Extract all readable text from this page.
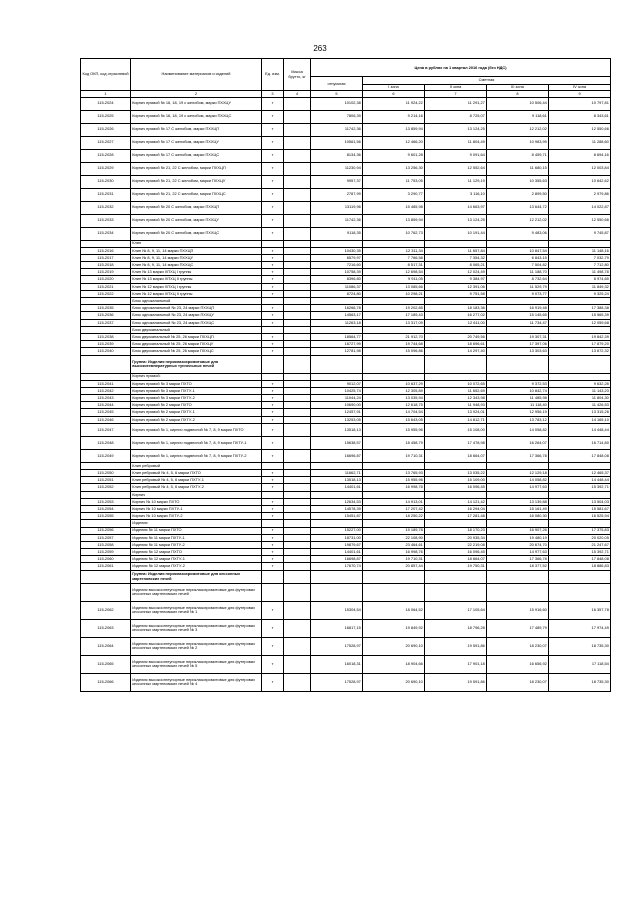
263
Код ОКП, код отраслевой	Наименование материалов и изделий	Ед. изм.	Масса брутто, кг	Цена в рублях на 1 квартал 2016 года (без НДС)				
				отпускная	Сметная			
					I зона	II зона	III зона	IV зона
1	2	3	4	5	6	7	8	9
115-2024	Кирпич прямой № 16, 18, 19 с желобом, марки ПХХЦУ	т		10102,38	11 924,22	11 291,27	10 506,44	10 797,81
115-2025	Кирпич прямой № 16, 18, 19 с желобом, марки ПХХЦС	т		7806,39	9 214,16	8 725,07	9 118,61	8 343,61
115-2026	Кирпич прямой № 17 С желобом, марки ПХХЦП	т		11742,36	13 859,94	13 124,25	12 212,02	12 550,66
115-2027	Кирпич прямой № 17 С желобом, марки ПХХЦУ	т		10561,56	12 466,20	11 804,49	10 983,99	11 288,60
115-2028	Кирпич прямой № 17 С желобом, марки ПХХЦС	т		8134,36	9 601,28	9 091,64	8 459,71	8 694,16
115-2029	Кирпич прямой № 21, 22 С желобом, марки ПХХЦП	т		11230,94	13 256,30	12 552,64	11 680,15	12 003,84
115-2030	Кирпич прямой № 21, 22 С желобом, марки ПХХЦУ	т		9957,37	11 753,05	11 129,19	10 355,63	10 642,62
115-2031	Кирпич прямой № 21, 22 С желобом, марки ПХХЦС	т		2787,99	3 290,77	3 116,10	2 899,50	2 979,86
115-2032	Кирпич прямой № 20 С желобом, марки ПХХЦП	т		13119,96	15 485,98	14 663,97	13 644,72	14 022,87
115-2033	Кирпич прямой № 20 С желобом, марки ПХХЦУ	т		11742,36	13 859,94	13 124,25	12 212,02	12 550,66
115-2034	Кирпич прямой № 20 С желобом, марки ПХХЦС	т		9118,35	10 762,73	10 191,44	9 483,06	9 745,87
	Клин							
115-2016	Клин № 8, 9, 11, 14 марки ПХХЦП	т		10430,35	12 311,34	11 657,84	10 847,54	11 148,16
115-2017	Клин № 8, 9, 11, 14 марки ПХХЦУ	т		6579,97	7 766,58	7 354,32	6 843,15	7 032,79
115-2018	Клин № 8, 9, 11, 14 марки ПХХЦС	т		7216,60	8 517,31	8 065,21	7 504,82	7 712,80
115-2019	Клин № 13 марки ХПХЦ I группы	т		10758,39	12 698,54	12 024,49	11 188,70	11 498,78
115-2020	Клин № 13 марки ХПХЦ II группы	т		8396,80	9 911,05	9 384,97	8 732,64	8 974,65
115-2021	Клин № 12 марки ХПХЦ I группы	т		11086,37	13 085,66	12 391,06	11 529,79	11 849,32
115-2022	Клин № 12 марки ХПХЦ II группы	т		8724,80	10 298,21	9 751,58	9 073,77	9 325,24
	Блок одноканальный							
115-2035	Блок одноканальный № 23, 24 марки ПХХЦП	т		16266,78	19 202,85	18 183,36	16 919,48	17 388,38
115-2036	Блок одноканальный № 23, 24 марки ПХХЦУ	т		14563,17	17 189,43	16 277,02	15 145,65	15 565,39
115-2037	Блок одноканальный № 23, 24 марки ПХХЦС	т		11263,18	13 317,09	12 611,00	11 734,47	12 059,68
	Блок двухканальный							
115-2038	Блок двухканальный № 25, 26 марки ПХХЦП	т		18564,77	21 912,70	20 749,56	19 307,31	19 842,39
115-2039	Блок двухканальный № 25, 26 марки ПХХЦУ	т		16727,99	19 744,68	18 696,61	17 397,06	17 879,20
115-2040	Блок двухканальный № 25, 26 марки ПХХЦС	т		12781,98	15 096,86	14 297,40	13 303,63	13 672,32
	Группа: Изделия периклазохромитовые для высокотемпературных туннельных печей							
	Кирпич прямой:							
115-2041	Кирпич прямой № 3 марки ПХТО	т		9012,07	10 637,29	10 072,65	9 372,53	9 632,28
115-2042	Кирпич прямой № 3 марки ПХТУ-1	т		10425,74	12 305,89	11 652,69	10 842,74	11 143,23
115-2043	Кирпич прямой № 3 марки ПХТУ-2	т		11044,24	13 035,94	12 343,98	11 485,98	11 804,30
115-2044	Кирпич прямой № 2 марки ПХТО	т		10690,00	12 618,75	11 948,93	11 118,40	11 426,53
115-2045	Кирпич прямой № 2 марки ПХТУ-1	т		12457,91	14 704,54	13 924,01	12 956,19	13 315,26
115-2046	Кирпич прямой № 2 марки ПХТУ-2	т		13253,05	15 643,05	14 812,71	13 783,12	14 165,10
115-2047	Кирпич прямой № 1, кирпич подвесной № 7, 8, 9 марки ПХТО	т		13518,13	15 955,96	15 108,00	14 058,82	14 448,44
115-2048	Кирпич прямой № 1, кирпич подвесной № 7, 8, 9 марки ПХТУ-1	т		15638,57	18 458,79	17 478,98	16 264,07	16 714,80
115-2049	Кирпич прямой № 1, кирпич подвесной № 7, 8, 9 марки ПХТУ-2	т		16696,87	19 710,31	18 664,07	17 366,78	17 848,08
	Клин ребровый							
115-2050	Клин ребровый № 4, 5, 6 марки ПХТО	т		11662,71	13 765,93	13 035,22	12 129,18	12 465,37
115-2051	Клин ребровый № 4, 5, 6 марки ПХТУ-1	т		13518,13	15 955,96	15 109,00	14 058,82	14 448,44
115-2052	Клин ребровый № 4, 5, 6 марки ПХТУ-2	т		14401,61	16 998,76	16 096,45	14 977,63	15 392,71
	Кирпич							
115-2053	Кирпич № 10 марки ПХТО	т		12634,53	14 913,01	14 121,42	13 139,88	13 504,03
115-2054	Кирпич № 10 марки ПХТУ-1	т		14578,39	17 207,42	16 294,04	15 161,49	15 581,67
115-2055	Кирпич № 10 марки ПХТУ-2	т		15451,87	18 250,22	17 281,48	16 080,30	16 525,94
	Изделия							
115-2056	Изделия № 11 марки ПХТО	т		15227,00	19 189,78	18 170,23	16 907,26	17 375,83
115-2057	Изделия № 11 марки ПХТУ-1	т		18731,00	22 108,90	20 935,34	19 480,19	20 020,05
115-2058	Изделия № 11 марки ПХТУ-2	т		19879,67	23 464,61	22 219,08	20 674,70	21 247,67
115-2059	Изделия № 12 марки ПХТО	т		14401,61	16 998,76	16 096,45	14 977,63	15 392,71
115-2060	Изделия № 12 марки ПХТУ-1	т		16698,87	19 710,31	18 664,07	17 366,78	17 848,08
115-2061	Изделия № 12 марки ПХТУ-2	т		17670,74	20 857,44	19 750,31	18 377,52	18 886,83
	Группа: Изделия периклазохромитовые для кессонных мартеновских печей							
	Изделия высокоогнеупорные периклазохромитовые для футеровки кессонных мартеновских печей							
115-2062	Изделия высокоогнеупорные периклазохромитовые для футеровки кессонных мартеновских печей № 1	т		15304,54	18 064,52	17 105,64	15 916,60	16 357,78
115-2063	Изделия высокоогнеупорные периклазохромитовые для футеровки кессонных мартеновских печей № 3	т		16817,15	19 849,92	18 796,28	17 489,79	17 974,49
115-2064	Изделия высокоогнеупорные периклазохромитовые для футеровки кессонных мартеновских печей № 2	т		17528,97	20 690,10	19 591,86	18 230,07	18 735,30
115-2065	Изделия высокоогнеупорные периклазохромитовые для футеровки кессонных мартеновских печей № 5	т		16018,31	18 904,66	17 901,18	16 656,92	17 118,54
115-2066	Изделия высокоогнеупорные периклазохромитовые для футеровки кессонных мартеновских печей № 4	т		17528,97	20 690,10	19 591,86	18 230,07	18 735,30
